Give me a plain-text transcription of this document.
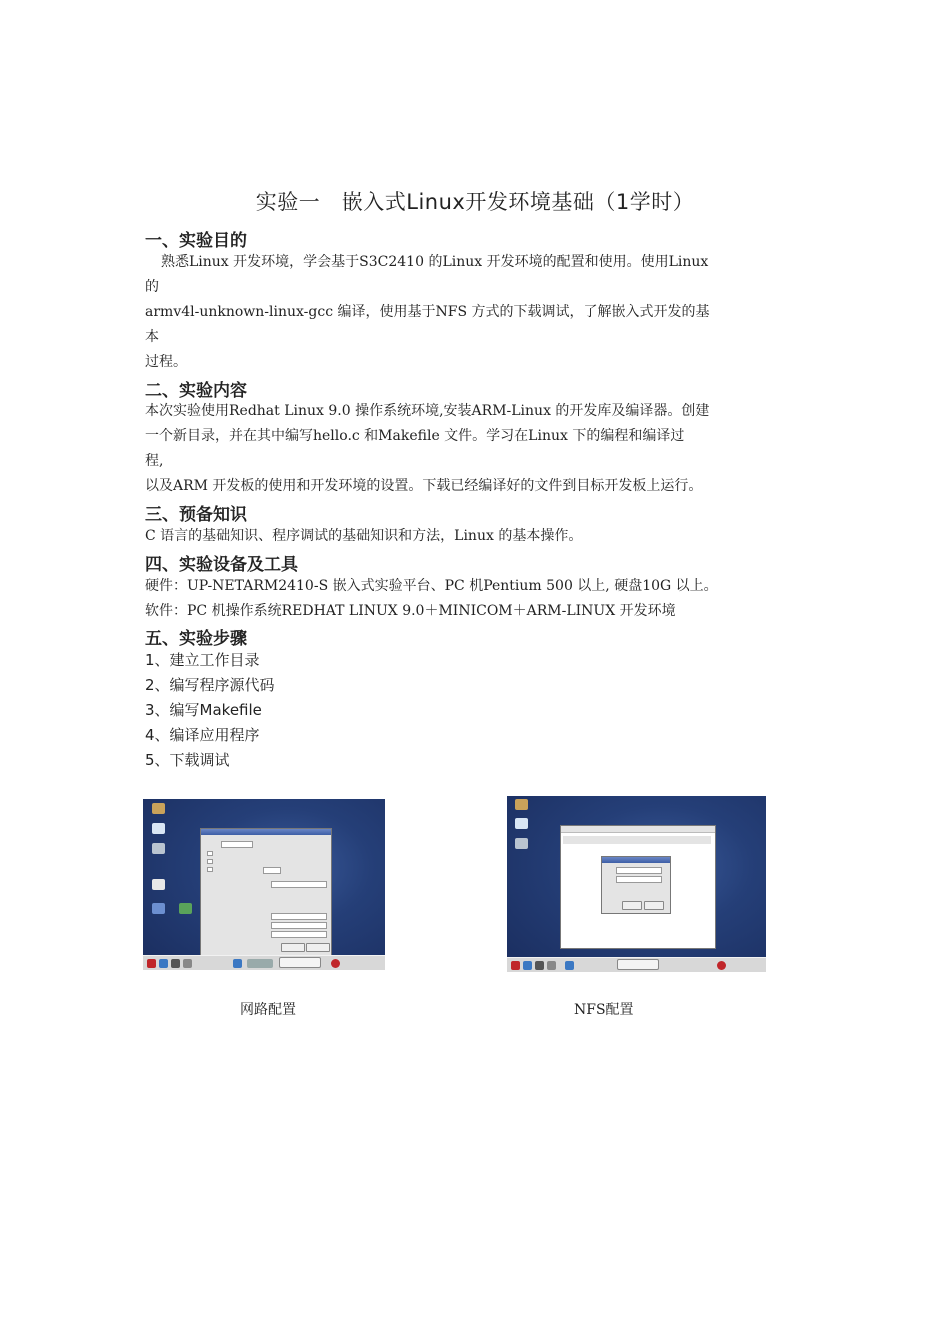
实验一　嵌入式Linux开发环境基础（1学时）
一、实验目的
熟悉Linux 开发环境，学会基于S3C2410 的Linux 开发环境的配置和使用。使用Linux
的
armv4l-unknown-linux-gcc 编译，使用基于NFS 方式的下载调试，了解嵌入式开发的基
本
过程。
二、实验内容
本次实验使用Redhat Linux 9.0 操作系统环境,安装ARM-Linux 的开发库及编译器。创建
一个新目录，并在其中编写hello.c 和Makefile 文件。学习在Linux 下的编程和编译过
程,
以及ARM 开发板的使用和开发环境的设置。下载已经编译好的文件到目标开发板上运行。
三、预备知识
C 语言的基础知识、程序调试的基础知识和方法，Linux 的基本操作。
四、实验设备及工具
硬件：UP-NETARM2410-S 嵌入式实验平台、PC 机Pentium 500 以上, 硬盘10G 以上。
软件：PC 机操作系统REDHAT LINUX 9.0＋MINICOM＋ARM-LINUX 开发环境
五、实验步骤
1、建立工作目录
2、编写程序源代码
3、编写Makefile
4、编译应用程序
5、下载调试
网路配置	NFS配置
